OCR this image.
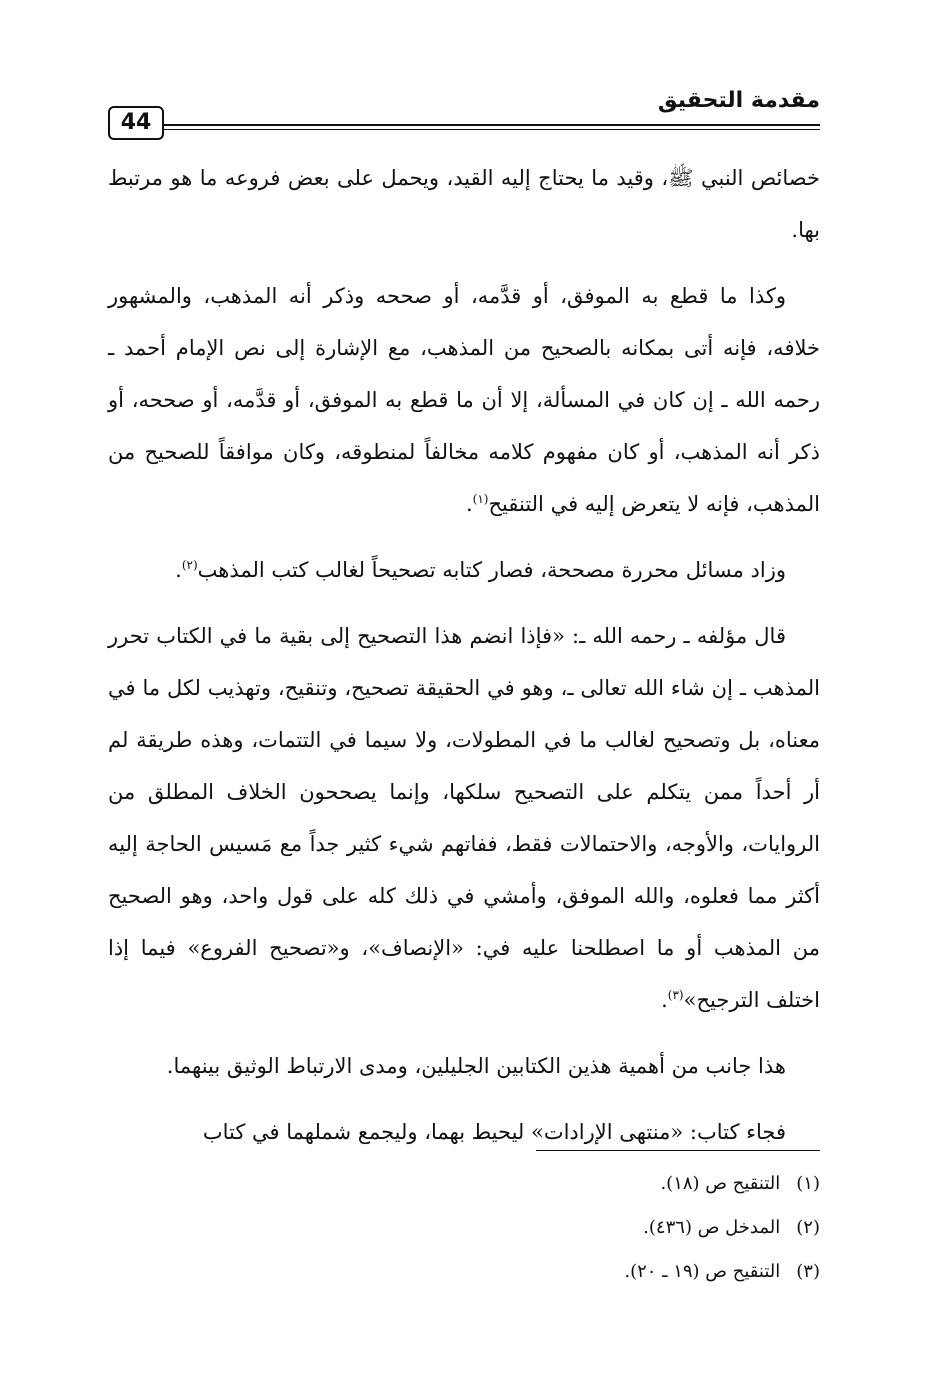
مقدمة التحقيق
44

خصائص النبي ﷺ، وقيد ما يحتاج إليه القيد، ويحمل على بعض فروعه ما هو مرتبط بها.

وكذا ما قطع به الموفق، أو قدَّمه، أو صححه وذكر أنه المذهب، والمشهور خلافه، فإنه أتى بمكانه بالصحيح من المذهب، مع الإشارة إلى نص الإمام أحمد ـ رحمه الله ـ إن كان في المسألة، إلا أن ما قطع به الموفق، أو قدَّمه، أو صححه، أو ذكر أنه المذهب، أو كان مفهوم كلامه مخالفاً لمنطوقه، وكان موافقاً للصحيح من المذهب، فإنه لا يتعرض إليه في التنقيح$^{(١)}$.

وزاد مسائل محررة مصححة، فصار كتابه تصحيحاً لغالب كتب المذهب$^{(٢)}$.

قال مؤلفه ـ رحمه الله ـ: «فإذا انضم هذا التصحيح إلى بقية ما في الكتاب تحرر المذهب ـ إن شاء الله تعالى ـ، وهو في الحقيقة تصحيح، وتنقيح، وتهذيب لكل ما في معناه، بل وتصحيح لغالب ما في المطولات، ولا سيما في التتمات، وهذه طريقة لم أر أحداً ممن يتكلم على التصحيح سلكها، وإنما يصححون الخلاف المطلق من الروايات، والأوجه، والاحتمالات فقط، ففاتهم شيء كثير جداً مع مَسيس الحاجة إليه أكثر مما فعلوه، والله الموفق، وأمشي في ذلك كله على قول واحد، وهو الصحيح من المذهب أو ما اصطلحنا عليه في: «الإنصاف»، و«تصحيح الفروع» فيما إذا اختلف الترجيح»$^{(٣)}$.

هذا جانب من أهمية هذين الكتابين الجليلين، ومدى الارتباط الوثيق بينهما.

فجاء كتاب: «منتهى الإرادات» ليحيط بهما، وليجمع شملهما في كتاب

(١) التنقيح ص (١٨).

(٢) المدخل ص (٤٣٦).

(٣) التنقيح ص (١٩ ـ ٢٠).
